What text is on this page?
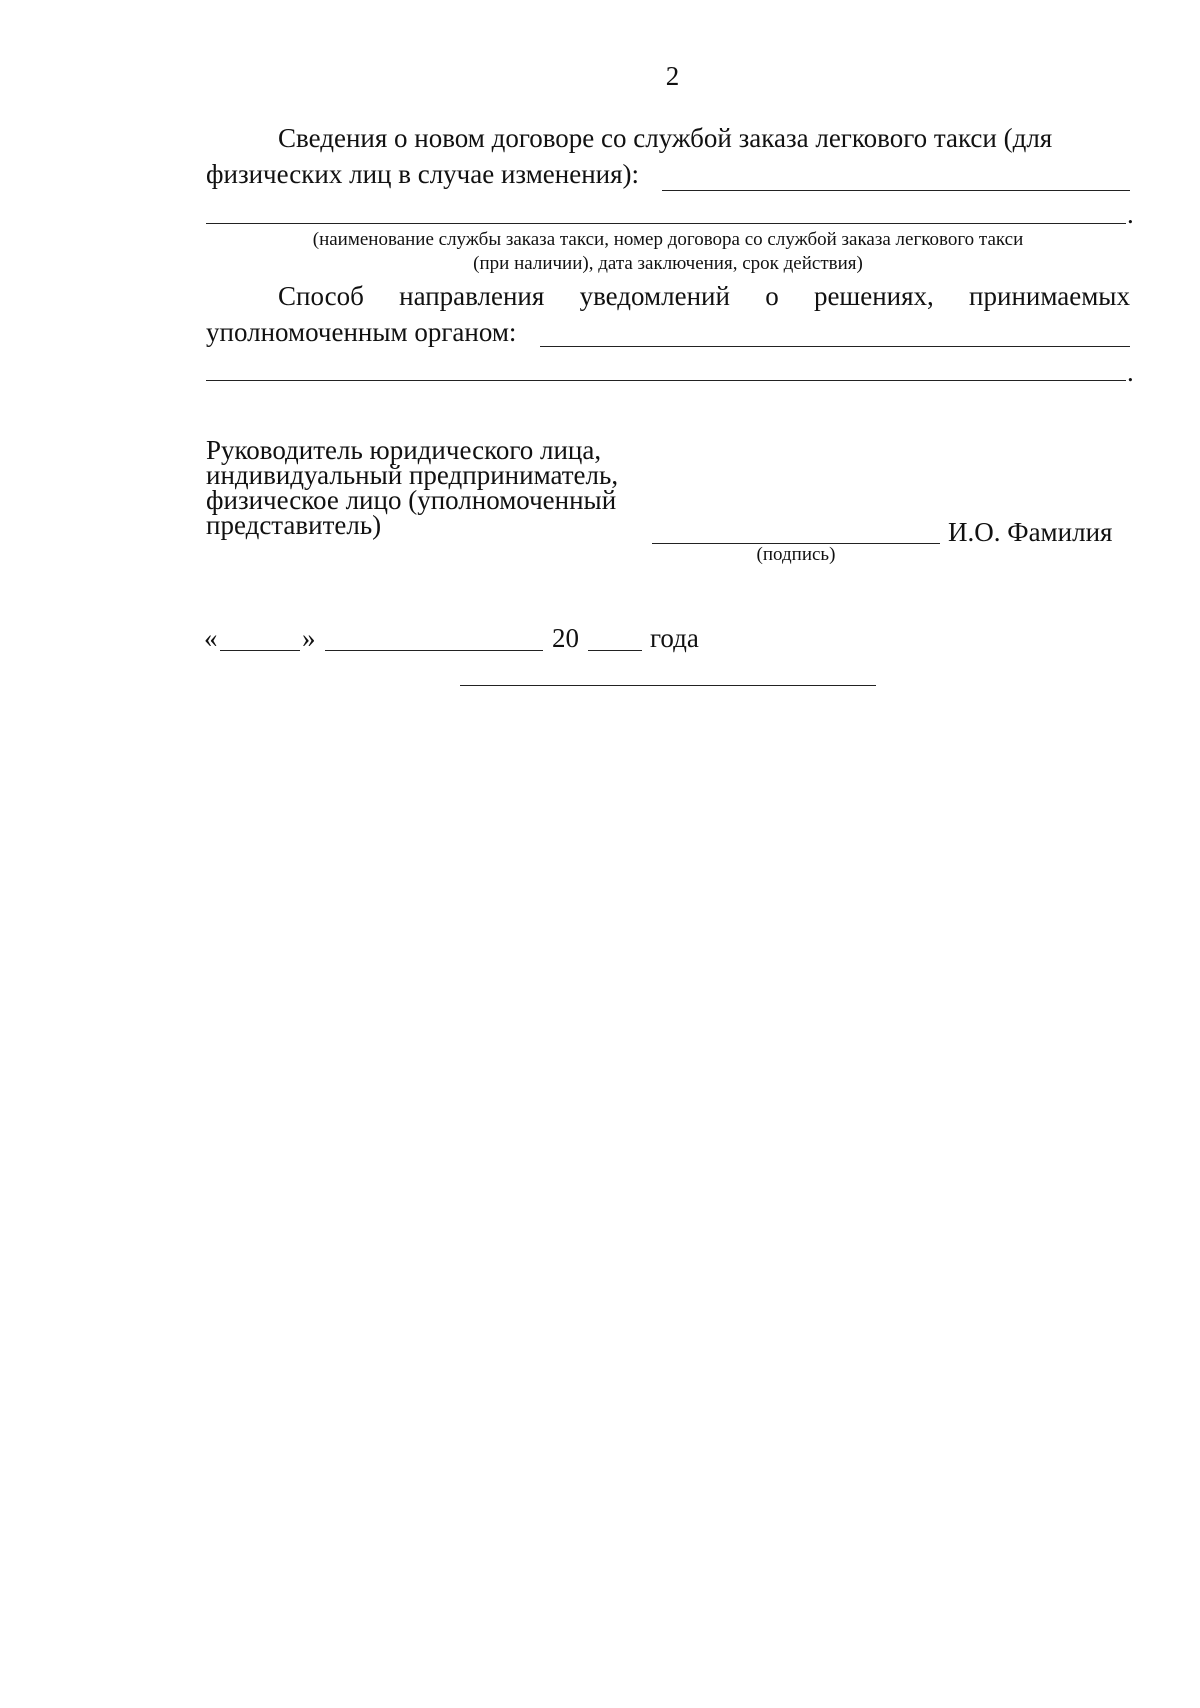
2
Сведения о новом договоре со службой заказа легкового такси (для
физических лиц в случае изменения):
.
(наименование службы заказа такси, номер договора со службой заказа легкового такси
(при наличии), дата заключения, срок действия)
Способ направления уведомлений о решениях, принимаемых
уполномоченным органом:
.
Руководитель юридического лица,
индивидуальный предприниматель,
физическое лицо (уполномоченный
представитель)	И.О. Фамилия
(подпись)
«	»	20	года
